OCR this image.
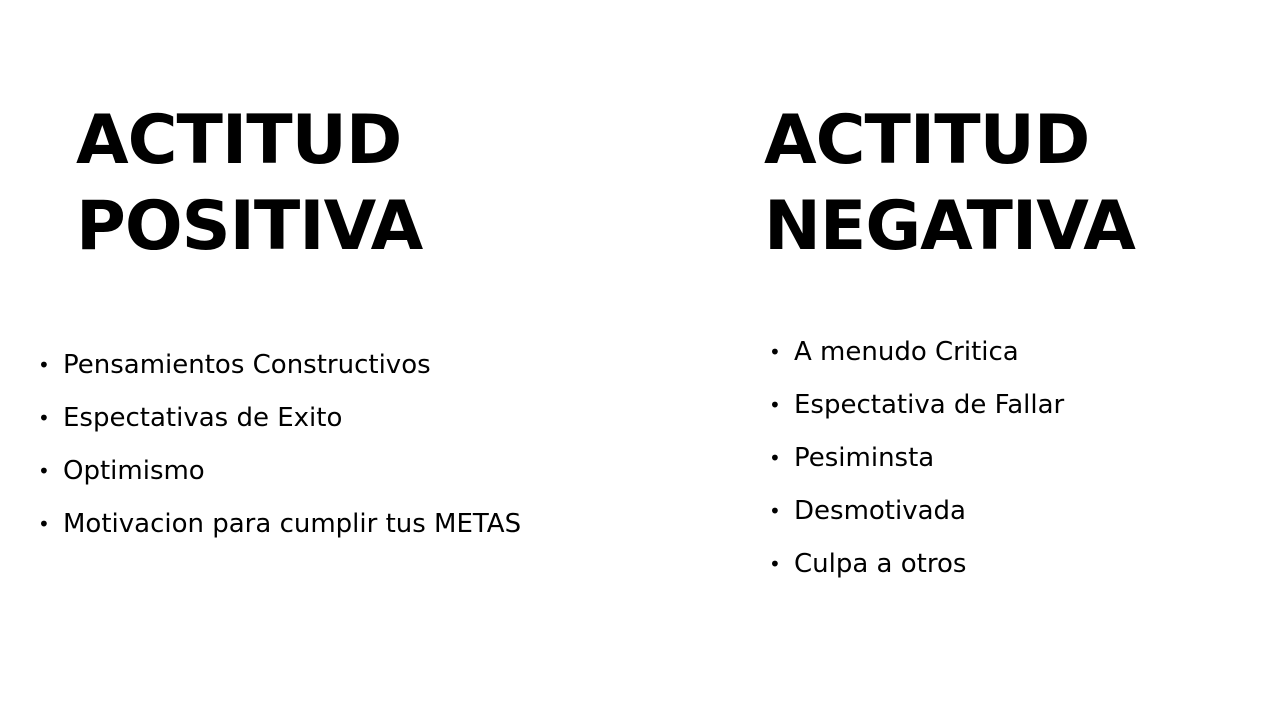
ACTITUD
POSITIVA
ACTITUD
NEGATIVA
• Pensamientos Constructivos
• Espectativas de Exito
• Optimismo
• Motivacion para cumplir tus METAS
• A menudo Critica
• Espectativa de Fallar
• Pesiminsta
• Desmotivada
• Culpa a otros
